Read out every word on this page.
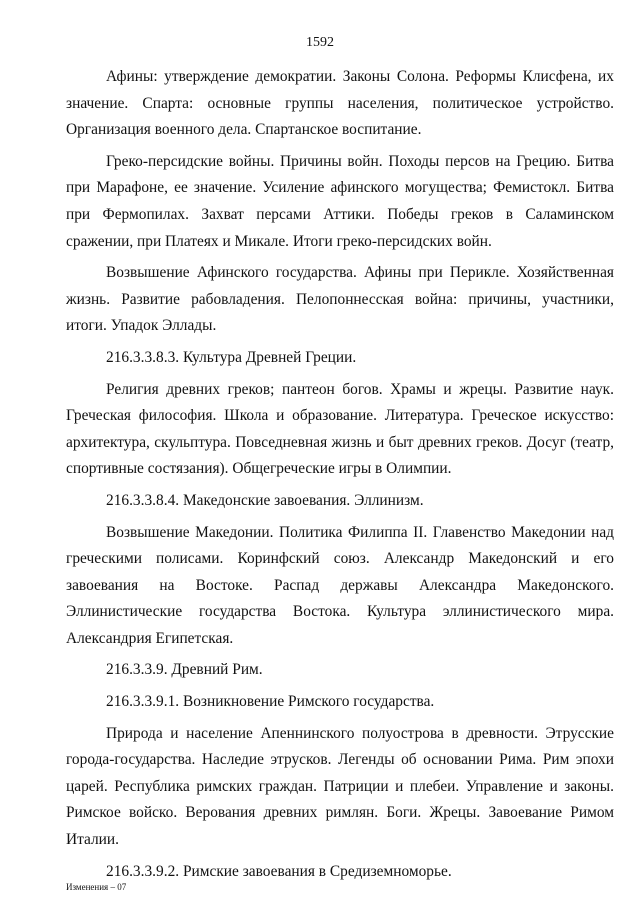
1592

Афины: утверждение демократии. Законы Солона. Реформы Клисфена, их значение. Спарта: основные группы населения, политическое устройство. Организация военного дела. Спартанское воспитание.

Греко-персидские войны. Причины войн. Походы персов на Грецию. Битва при Марафоне, ее значение. Усиление афинского могущества; Фемистокл. Битва при Фермопилах. Захват персами Аттики. Победы греков в Саламинском сражении, при Платеях и Микале. Итоги греко-персидских войн.

Возвышение Афинского государства. Афины при Перикле. Хозяйственная жизнь. Развитие рабовладения. Пелопоннесская война: причины, участники, итоги. Упадок Эллады.

216.3.3.8.3. Культура Древней Греции.

Религия древних греков; пантеон богов. Храмы и жрецы. Развитие наук. Греческая философия. Школа и образование. Литература. Греческое искусство: архитектура, скульптура. Повседневная жизнь и быт древних греков. Досуг (театр, спортивные состязания). Общегреческие игры в Олимпии.

216.3.3.8.4. Македонские завоевания. Эллинизм.

Возвышение Македонии. Политика Филиппа II. Главенство Македонии над греческими полисами. Коринфский союз. Александр Македонский и его завоевания на Востоке. Распад державы Александра Македонского. Эллинистические государства Востока. Культура эллинистического мира. Александрия Египетская.

216.3.3.9. Древний Рим.

216.3.3.9.1. Возникновение Римского государства.

Природа и население Апеннинского полуострова в древности. Этрусские города-государства. Наследие этрусков. Легенды об основании Рима. Рим эпохи царей. Республика римских граждан. Патриции и плебеи. Управление и законы. Римское войско. Верования древних римлян. Боги. Жрецы. Завоевание Римом Италии.

216.3.3.9.2. Римские завоевания в Средиземноморье.

Изменения – 07
